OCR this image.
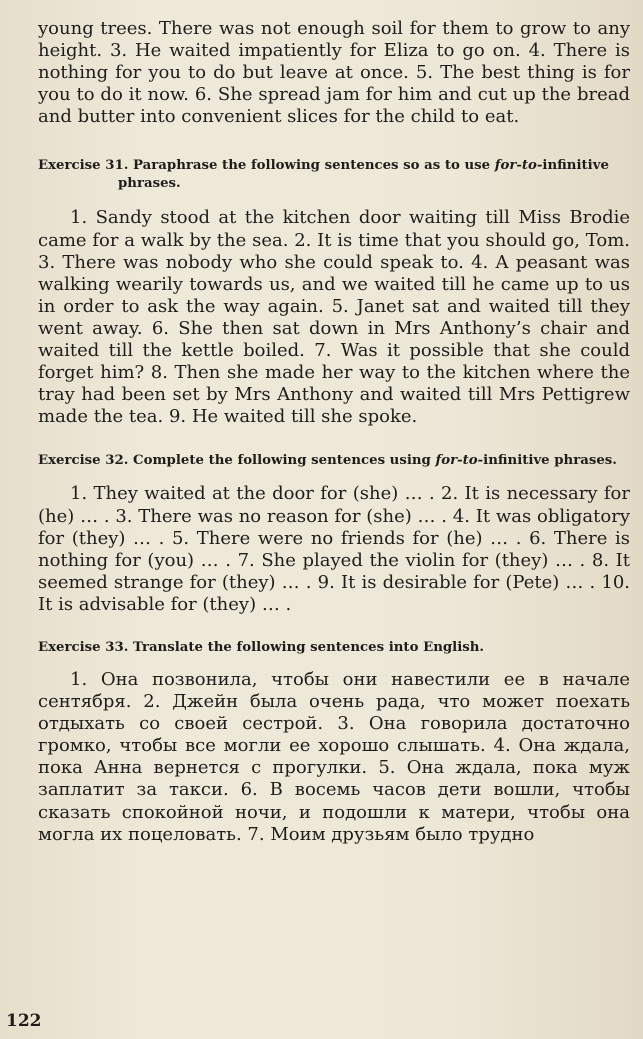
young trees. There was not enough soil for them to grow to any height. 3. He waited impatiently for Eliza to go on. 4. There is nothing for you to do but leave at once. 5. The best thing is for you to do it now. 6. She spread jam for him and cut up the bread and butter into convenient slices for the child to eat.

Exercise 31. Paraphrase the following sentences so as to use for-to-infinitive phrases.

1. Sandy stood at the kitchen door waiting till Miss Brodie came for a walk by the sea. 2. It is time that you should go, Tom. 3. There was nobody who she could speak to. 4. A peasant was walking wearily towards us, and we waited till he came up to us in order to ask the way again. 5. Janet sat and waited till they went away. 6. She then sat down in Mrs Anthony’s chair and waited till the kettle boiled. 7. Was it possible that she could forget him? 8. Then she made her way to the kitchen where the tray had been set by Mrs Anthony and waited till Mrs Pettigrew made the tea. 9. He waited till she spoke.

Exercise 32. Complete the following sentences using for-to-infinitive phrases.

1. They waited at the door for (she) … . 2. It is necessary for (he) … . 3. There was no reason for (she) … . 4. It was obligatory for (they) … . 5. There were no friends for (he) … . 6. There is nothing for (you) … . 7. She played the violin for (they) … . 8. It seemed strange for (they) … . 9. It is desirable for (Pete) … . 10. It is advisable for (they) … .

Exercise 33. Translate the following sentences into English.

1. Она позвонила, чтобы они навестили ее в начале сентября. 2. Джейн была очень рада, что может поехать отдыхать со своей сестрой. 3. Она говорила достаточно громко, чтобы все могли ее хорошо слышать. 4. Она ждала, пока Анна вернется с прогулки. 5. Она ждала, пока муж заплатит за такси. 6. В восемь часов дети вошли, чтобы сказать спокойной ночи, и подошли к матери, чтобы она могла их поцеловать. 7. Моим друзьям было трудно

122
